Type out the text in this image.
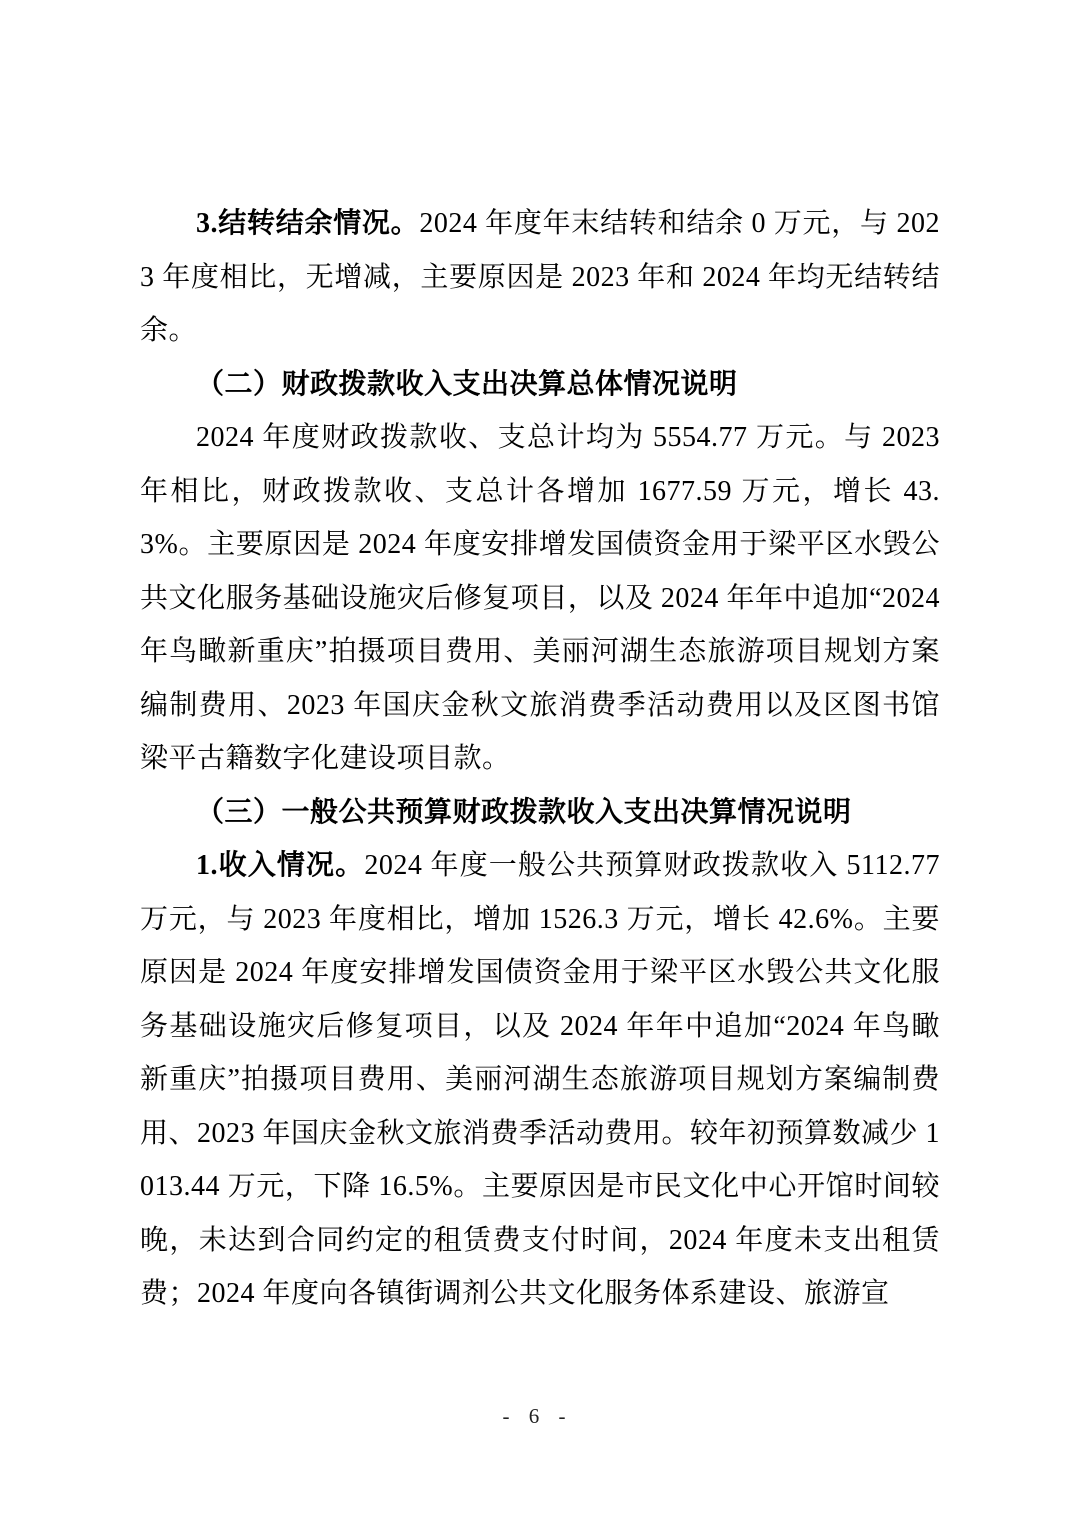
3.结转结余情况。2024 年度年末结转和结余 0 万元，与 2023 年度相比，无增减，主要原因是 2023 年和 2024 年均无结转结余。

（二）财政拨款收入支出决算总体情况说明

2024 年度财政拨款收、支总计均为 5554.77 万元。与 2023 年相比，财政拨款收、支总计各增加 1677.59 万元，增长 43.3%。主要原因是 2024 年度安排增发国债资金用于梁平区水毁公共文化服务基础设施灾后修复项目，以及 2024 年年中追加“2024 年鸟瞰新重庆”拍摄项目费用、美丽河湖生态旅游项目规划方案编制费用、2023 年国庆金秋文旅消费季活动费用以及区图书馆梁平古籍数字化建设项目款。

（三）一般公共预算财政拨款收入支出决算情况说明

1.收入情况。2024 年度一般公共预算财政拨款收入 5112.77 万元，与 2023 年度相比，增加 1526.3 万元，增长 42.6%。主要原因是 2024 年度安排增发国债资金用于梁平区水毁公共文化服务基础设施灾后修复项目，以及 2024 年年中追加“2024 年鸟瞰新重庆”拍摄项目费用、美丽河湖生态旅游项目规划方案编制费用、2023 年国庆金秋文旅消费季活动费用。较年初预算数减少 1013.44 万元，下降 16.5%。主要原因是市民文化中心开馆时间较晚，未达到合同约定的租赁费支付时间，2024 年度未支出租赁费；2024 年度向各镇街调剂公共文化服务体系建设、旅游宣

- 6 -
